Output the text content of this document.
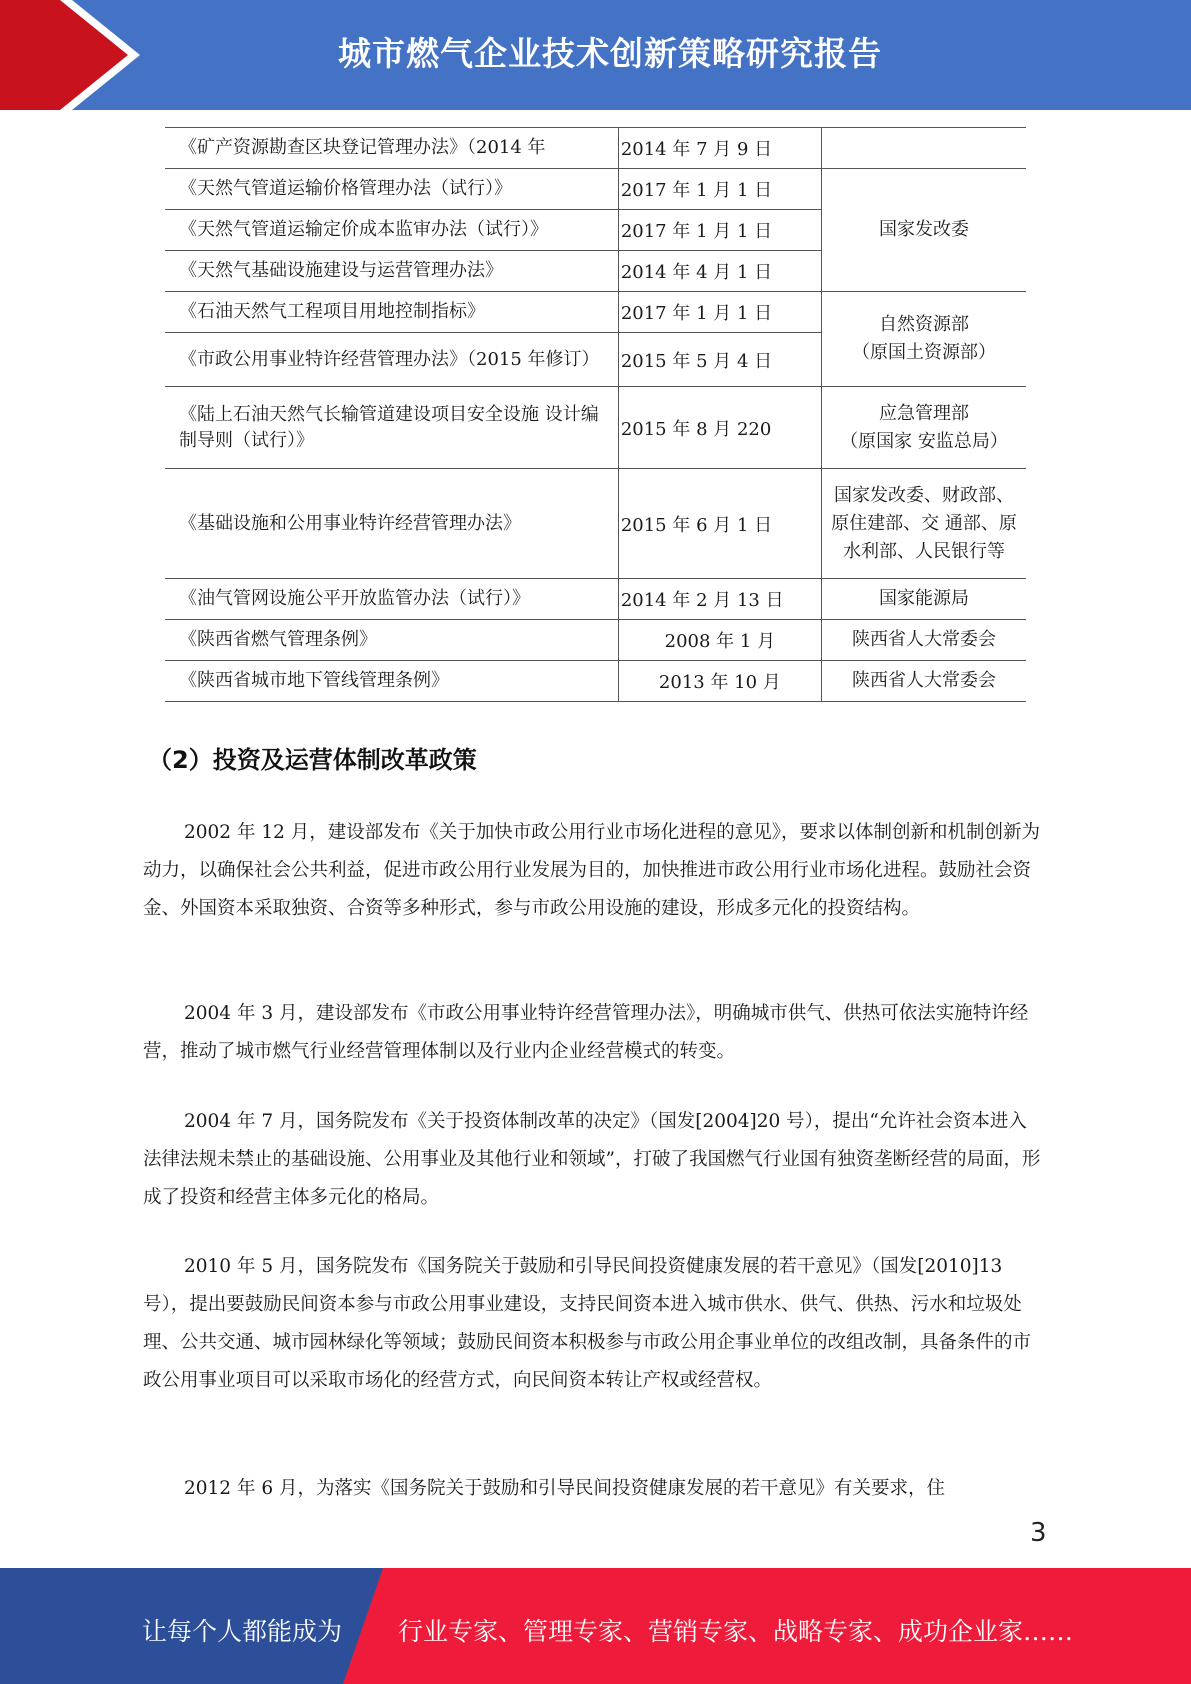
城市燃气企业技术创新策略研究报告
《矿产资源勘查区块登记管理办法》（2014 年	2014 年 7 月 9 日	
《天然气管道运输价格管理办法（试行）》	2017 年 1 月 1 日	国家发改委
《天然气管道运输定价成本监审办法（试行）》	2017 年 1 月 1 日	
《天然气基础设施建设与运营管理办法》	2014 年 4 月 1 日	
《石油天然气工程项目用地控制指标》	2017 年 1 月 1 日	自然资源部
（原国土资源部）
《市政公用事业特许经营管理办法》（2015 年修订）	2015 年 5 月 4 日	
《陆上石油天然气长输管道建设项目安全设施 设计编制导则（试行）》	2015 年 8 月 220	应急管理部
（原国家 安监总局）
《基础设施和公用事业特许经营管理办法》	2015 年 6 月 1 日	国家发改委、财政部、原住建部、交 通部、原水利部、人民银行等
《油气管网设施公平开放监管办法（试行）》	2014 年 2 月 13 日	国家能源局
《陕西省燃气管理条例》	2008 年 1 月	陕西省人大常委会
《陕西省城市地下管线管理条例》	2013 年 10 月	陕西省人大常委会
（2）投资及运营体制改革政策

2002 年 12 月，建设部发布《关于加快市政公用行业市场化进程的意见》，要求以体制创新和机制创新为动力，以确保社会公共利益，促进市政公用行业发展为目的，加快推进市政公用行业市场化进程。鼓励社会资金、外国资本采取独资、合资等多种形式，参与市政公用设施的建设，形成多元化的投资结构。

2004 年 3 月，建设部发布《市政公用事业特许经营管理办法》，明确城市供气、供热可依法实施特许经营，推动了城市燃气行业经营管理体制以及行业内企业经营模式的转变。

2004 年 7 月，国务院发布《关于投资体制改革的决定》（国发[2004]20 号），提出“允许社会资本进入法律法规未禁止的基础设施、公用事业及其他行业和领域”，打破了我国燃气行业国有独资垄断经营的局面，形成了投资和经营主体多元化的格局。

2010 年 5 月，国务院发布《国务院关于鼓励和引导民间投资健康发展的若干意见》（国发[2010]13 号），提出要鼓励民间资本参与市政公用事业建设，支持民间资本进入城市供水、供气、供热、污水和垃圾处理、公共交通、城市园林绿化等领域；鼓励民间资本积极参与市政公用企事业单位的改组改制，具备条件的市政公用事业项目可以采取市场化的经营方式，向民间资本转让产权或经营权。

2012 年 6 月，为落实《国务院关于鼓励和引导民间投资健康发展的若干意见》有关要求，住

3
让每个人都能成为 行业专家、管理专家、营销专家、战略专家、成功企业家……
